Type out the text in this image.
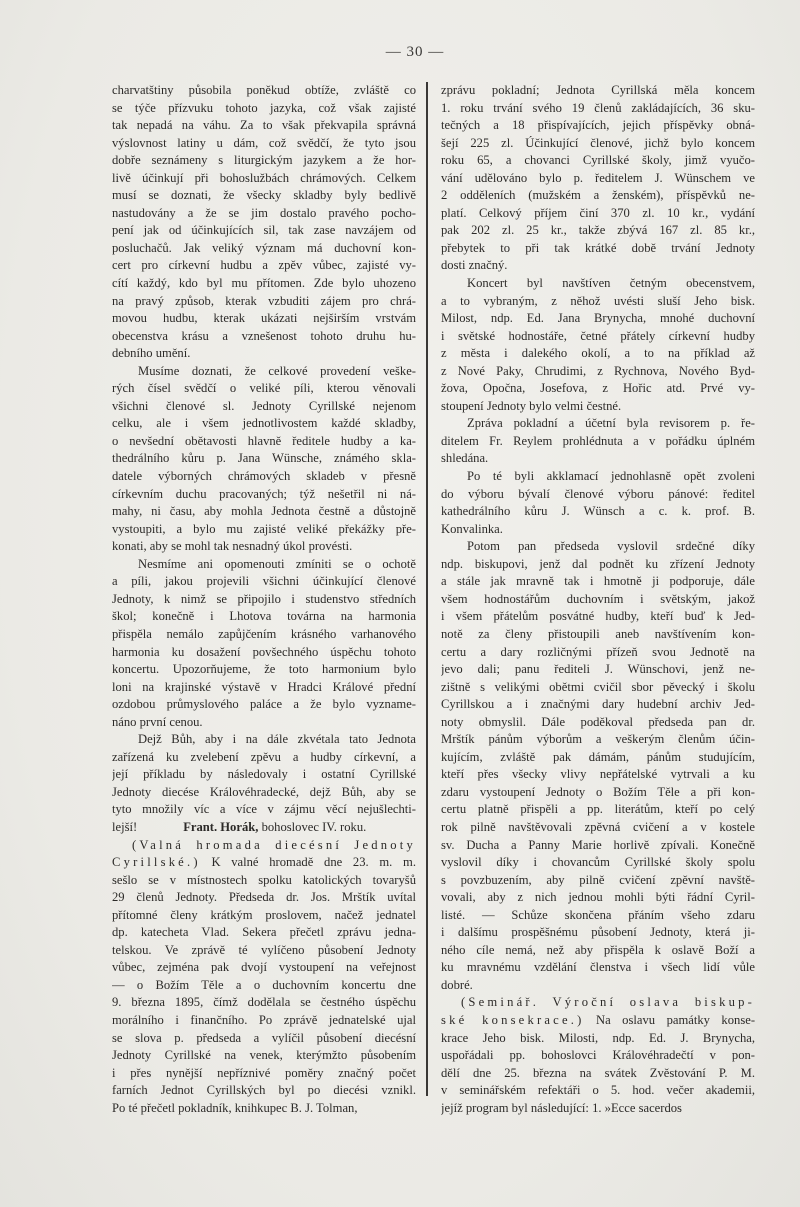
— 30 —
charvatštiny působila poněkud obtíže, zvláště co
se týče přízvuku tohoto jazyka, což však zajisté
tak nepadá na váhu. Za to však překvapila správná
výslovnost latiny u dám, což svědčí, že tyto jsou
dobře seznámeny s liturgickým jazykem a že hor-
livě účinkují při bohoslužbách chrámových. Celkem
musí se doznati, že všecky skladby byly bedlivě
nastudovány a že se jim dostalo pravého pocho-
pení jak od účinkujících sil, tak zase navzájem od
posluchačů. Jak veliký význam má duchovní kon-
cert pro církevní hudbu a zpěv vůbec, zajisté vy-
cítí každý, kdo byl mu přítomen. Zde bylo uhozeno
na pravý způsob, kterak vzbuditi zájem pro chrá-
movou hudbu, kterak ukázati nejširším vrstvám
obecenstva krásu a vznešenost tohoto druhu hu-
debního umění.
Musíme doznati, že celkové provedení veške-
rých čísel svědčí o veliké píli, kterou věnovali
všichni členové sl. Jednoty Cyrillské nejenom
celku, ale i všem jednotlivostem každé skladby,
o nevšední obětavosti hlavně ředitele hudby a ka-
thedrálního kůru p. Jana Wünsche, známého skla-
datele výborných chrámových skladeb v přesně
církevním duchu pracovaných; týž nešetřil ni ná-
mahy, ni času, aby mohla Jednota čestně a důstojně
vystoupiti, a bylo mu zajisté veliké překážky pře-
konati, aby se mohl tak nesnadný úkol provésti.
Nesmíme ani opomenouti zmíniti se o ochotě
a píli, jakou projevili všichni účinkující členové
Jednoty, k nimž se připojilo i studenstvo středních
škol; konečně i Lhotova továrna na harmonia
přispěla nemálo zapůjčením krásného varhanového
harmonia ku dosažení povšechného úspěchu tohoto
koncertu. Upozorňujeme, že toto harmonium bylo
loni na krajinské výstavě v Hradci Králové přední
ozdobou průmyslového paláce a že bylo vyzname-
náno první cenou.
Dejž Bůh, aby i na dále zkvétala tato Jednota
zařízená ku zvelebení zpěvu a hudby církevní, a
její příkladu by následovaly i ostatní Cyrillské
Jednoty diecése Královéhradecké, dejž Bůh, aby se
tyto množily víc a více v zájmu věcí nejušlechti-
lejší!	Frant. Horák, bohoslovec IV. roku.
(Valná hromada diecésní Jednoty
Cyrillské.) K valné hromadě dne 23. m. m.
sešlo se v místnostech spolku katolických tovaryšů
29 členů Jednoty. Předseda dr. Jos. Mrštík uvítal
přítomné členy krátkým proslovem, načež jednatel
dp. katecheta Vlad. Sekera přečetl zprávu jedna-
telskou. Ve zprávě té vylíčeno působení Jednoty
vůbec, zejména pak dvojí vystoupení na veřejnost
— o Božím Těle a o duchovním koncertu dne
9. března 1895, čímž dodělala se čestného úspěchu
morálního i finančního. Po zprávě jednatelské ujal
se slova p. předseda a vylíčil působení diecésní
Jednoty Cyrillské na venek, kterýmžto působením
i přes nynější nepříznivé poměry značný počet
farních Jednot Cyrillských byl po diecési vznikl.
Po té přečetl pokladník, knihkupec B. J. Tolman,
zprávu pokladní; Jednota Cyrillská měla koncem
1. roku trvání svého 19 členů zakládajících, 36 sku-
tečných a 18 přispívajících, jejich příspěvky obná-
šejí 225 zl. Účinkující členové, jichž bylo koncem
roku 65, a chovanci Cyrillské školy, jimž vyučo-
vání udělováno bylo p. ředitelem J. Wünschem ve
2 odděleních (mužském a ženském), příspěvků ne-
platí. Celkový příjem činí 370 zl. 10 kr., vydání
pak 202 zl. 25 kr., takže zbývá 167 zl. 85 kr.,
přebytek to při tak krátké době trvání Jednoty
dosti značný.
Koncert byl navštíven četným obecenstvem,
a to vybraným, z něhož uvésti sluší Jeho bisk.
Milost, ndp. Ed. Jana Brynycha, mnohé duchovní
i světské hodnostáře, četné přátely církevní hudby
z města i dalekého okolí, a to na příklad až
z Nové Paky, Chrudimi, z Rychnova, Nového Byd-
žova, Opočna, Josefova, z Hořic atd. Prvé vy-
stoupení Jednoty bylo velmi čestné.
Zpráva pokladní a účetní byla revisorem p. ře-
ditelem Fr. Reylem prohlédnuta a v pořádku úplném
shledána.
Po té byli akklamací jednohlasně opět zvoleni
do výboru bývalí členové výboru pánové: ředitel
kathedrálního kůru J. Wünsch a c. k. prof. B.
Konvalinka.
Potom pan předseda vyslovil srdečné díky
ndp. biskupovi, jenž dal podnět ku zřízení Jednoty
a stále jak mravně tak i hmotně ji podporuje, dále
všem hodnostářům duchovním i světským, jakož
i všem přátelům posvátné hudby, kteří buď k Jed-
notě za členy přistoupili aneb navštívením kon-
certu a dary rozličnými přízeň svou Jednotě na
jevo dali; panu řediteli J. Wünschovi, jenž ne-
zištně s velikými obětmi cvičil sbor pěvecký i školu
Cyrillskou a i značnými dary hudební archiv Jed-
noty obmyslil. Dále poděkoval předseda pan dr.
Mrštík pánům výborům a veškerým členům účin-
kujícím, zvláště pak dámám, pánům studujícím,
kteří přes všecky vlivy nepřátelské vytrvali a ku
zdaru vystoupení Jednoty o Božím Těle a při kon-
certu platně přispěli a pp. literátům, kteří po celý
rok pilně navštěvovali zpěvná cvičení a v kostele
sv. Ducha a Panny Marie horlivě zpívali. Konečně
vyslovil díky i chovancům Cyrillské školy spolu
s povzbuzením, aby pilně cvičení zpěvní navště-
vovali, aby z nich jednou mohli býti řádní Cyril-
listé. — Schůze skončena přáním všeho zdaru
i dalšímu prospěšnému působení Jednoty, která ji-
ného cíle nemá, než aby přispěla k oslavě Boží a
ku mravnému vzdělání členstva i všech lidí vůle
dobré.
(Seminář. Výroční oslava biskup-
ské konsekrace.) Na oslavu památky konse-
krace Jeho bisk. Milosti, ndp. Ed. J. Brynycha,
uspořádali pp. bohoslovci Královéhradečtí v pon-
dělí dne 25. března na svátek Zvěstování P. M.
v seminářském refektáři o 5. hod. večer akademii,
jejíž program byl následující: 1. »Ecce sacerdos
